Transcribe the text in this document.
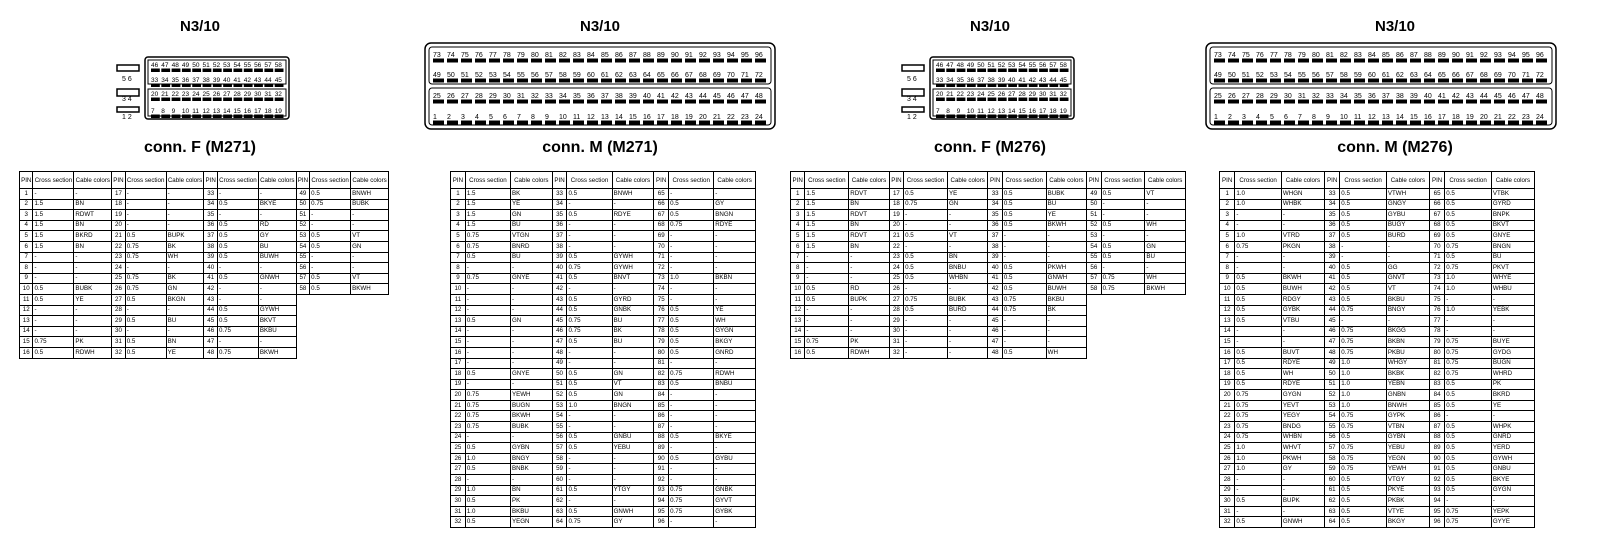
N3/10
5 6
3 4
1 2
46 47 48 49 50 51 52 53 54 55 56 57 58
33 34 35 36 37 38 39 40 41 42 43 44 45
20 21 22 23 24 25 26 27 28 29 30 31 32
7 8 9 10 11 12 13 14 15 16 17 18 19
conn. F (M271)
PIN	Cross section	Cable colors	PIN	Cross section	Cable colors	PIN	Cross section	Cable colors	PIN	Cross section	Cable colors
1	-	-	17	-	-	33	-	-	49	0.5	BNWH
2	1.5	BN	18	-	-	34	0.5	BKYE	50	0.75	BUBK
3	1.5	RDWT	19	-	-	35	-	-	51	-	-
4	1.5	BN	20	-	-	36	0.5	RD	52	-	-
5	1.5	BKRD	21	0.5	BUPK	37	0.5	GY	53	0.5	VT
6	1.5	BN	22	0.75	BK	38	0.5	BU	54	0.5	GN
7	-	-	23	0.75	WH	39	0.5	BUWH	55	-	-
8	-	-	24	-	-	40	-	-	56	-	-
9	-	-	25	0.75	BK	41	0.5	GNWH	57	0.5	VT
10	0.5	BUBK	26	0.75	GN	42	-	-	58	0.5	BKWH
11	0.5	YE	27	0.5	BKGN	43	-	-			
12	-	-	28	-	-	44	0.5	GYWH			
13	-	-	29	0.5	BU	45	0.5	BKVT			
14	-	-	30	-	-	46	0.75	BKBU			
15	0.75	PK	31	0.5	BN	47	-	-			
16	0.5	RDWH	32	0.5	YE	48	0.75	BKWH			
N3/10
73 74 75 76 77 78 79 80 81 82 83 84 85 86 87 88 89 90 91 92 93 94 95 96
49 50 51 52 53 54 55 56 57 58 59 60 61 62 63 64 65 66 67 68 69 70 71 72
25 26 27 28 29 30 31 32 33 34 35 36 37 38 39 40 41 42 43 44 45 46 47 48
1 2 3 4 5 6 7 8 9 10 11 12 13 14 15 16 17 18 19 20 21 22 23 24
conn. M (M271)
PIN	Cross section	Cable colors	PIN	Cross section	Cable colors	PIN	Cross section	Cable colors
1	1.5	BK	33	0.5	BNWH	65	-	-
2	1.5	YE	34	-	-	66	0.5	GY
3	1.5	GN	35	0.5	RDYE	67	0.5	BNGN
4	1.5	BU	36	-	-	68	0.75	RDYE
5	0.75	VTGN	37	-	-	69	-	-
6	0.75	BNRD	38	-	-	70	-	-
7	0.5	BU	39	0.5	GYWH	71	-	-
8	-	-	40	0.75	GYWH	72	-	-
9	0.75	GNYE	41	0.5	BNVT	73	1.0	BKBN
10	-	-	42	-	-	74	-	-
11	-	-	43	0.5	GYRD	75	-	-
12	-	-	44	0.5	GNBK	76	0.5	YE
13	0.5	GN	45	0.75	BU	77	0.5	WH
14	-	-	46	0.75	BK	78	0.5	GYGN
15	-	-	47	0.5	BU	79	0.5	BKGY
16	-	-	48	-	-	80	0.5	GNRD
17	-	-	49	-	-	81	-	-
18	0.5	GNYE	50	0.5	GN	82	0.75	RDWH
19	-	-	51	0.5	VT	83	0.5	BNBU
20	0.75	YEWH	52	0.5	GN	84	-	-
21	0.75	BUGN	53	1.0	BNGN	85	-	-
22	0.75	BKWH	54	-	-	86	-	-
23	0.75	BUBK	55	-	-	87	-	-
24	-	-	56	0.5	GNBU	88	0.5	BKYE
25	0.5	GYBN	57	0.5	YEBU	89	-	-
26	1.0	BNGY	58	-	-	90	0.5	GYBU
27	0.5	BNBK	59	-	-	91	-	-
28	-	-	60	-	-	92	-	-
29	1.0	BN	61	0.5	YTGY	93	0.75	GNBK
30	0.5	PK	62	-	-	94	0.75	GYVT
31	1.0	BKBU	63	0.5	GNWH	95	0.75	GYBK
32	0.5	YEGN	64	0.75	GY	96	-	-
N3/10
5 6
3 4
1 2
46 47 48 49 50 51 52 53 54 55 56 57 58
33 34 35 36 37 38 39 40 41 42 43 44 45
20 21 22 23 24 25 26 27 28 29 30 31 32
7 8 9 10 11 12 13 14 15 16 17 18 19
conn. F (M276)
PIN	Cross section	Cable colors	PIN	Cross section	Cable colors	PIN	Cross section	Cable colors	PIN	Cross section	Cable colors
1	1.5	RDVT	17	0.5	YE	33	0.5	BUBK	49	0.5	VT
2	1.5	BN	18	0.75	GN	34	0.5	BU	50	-	-
3	1.5	RDVT	19	-	-	35	0.5	YE	51	-	-
4	1.5	BN	20	-	-	36	0.5	BKWH	52	0.5	WH
5	1.5	RDVT	21	0.5	VT	37	-	-	53	-	-
6	1.5	BN	22	-	-	38	-	-	54	0.5	GN
7	-	-	23	0.5	BN	39	-	-	55	0.5	BU
8	-	-	24	0.5	BNBU	40	0.5	PKWH	56	-	-
9	-	-	25	0.5	WHBN	41	0.5	GNWH	57	0.75	WH
10	0.5	RD	26	-	-	42	0.5	BUWH	58	0.75	BKWH
11	0.5	BUPK	27	0.75	BUBK	43	0.75	BKBU			
12	-	-	28	0.5	BURD	44	0.75	BK			
13	-	-	29	-	-	45	-	-			
14	-	-	30	-	-	46	-	-			
15	0.75	PK	31	-	-	47	-	-			
16	0.5	RDWH	32	-	-	48	0.5	WH			
N3/10
73 74 75 76 77 78 79 80 81 82 83 84 85 86 87 88 89 90 91 92 93 94 95 96
49 50 51 52 53 54 55 56 57 58 59 60 61 62 63 64 65 66 67 68 69 70 71 72
25 26 27 28 29 30 31 32 33 34 35 36 37 38 39 40 41 42 43 44 45 46 47 48
1 2 3 4 5 6 7 8 9 10 11 12 13 14 15 16 17 18 19 20 21 22 23 24
conn. M (M276)
PIN	Cross section	Cable colors	PIN	Cross section	Cable colors	PIN	Cross section	Cable colors
1	1.0	WHGN	33	0.5	VTWH	65	0.5	VTBK
2	1.0	WHBK	34	0.5	GNGY	66	0.5	GYRD
3	-	-	35	0.5	GYBU	67	0.5	BNPK
4	-	-	36	0.5	BUGY	68	0.5	BKVT
5	1.0	VTRD	37	0.5	BURD	69	0.5	GNYE
6	0.75	PKGN	38	-	-	70	0.75	BNGN
7	-	-	39	-	-	71	0.5	BU
8	-	-	40	0.5	GG	72	0.75	PKVT
9	0.5	BKWH	41	0.5	GNVT	73	1.0	WHYE
10	0.5	BUWH	42	0.5	VT	74	1.0	WHBU
11	0.5	RDGY	43	0.5	BKBU	75	-	-
12	0.5	GYBK	44	0.75	BNGY	76	1.0	YEBK
13	0.5	VTBU	45	-	-	77	-	-
14	-	-	46	0.75	BKGG	78	-	-
15	-	-	47	0.75	BKBN	79	0.75	BUYE
16	0.5	BUVT	48	0.75	PKBU	80	0.75	GYDG
17	0.5	RDYE	49	1.0	WHGY	81	0.75	BUGN
18	0.5	WH	50	1.0	BKBK	82	0.75	WHRD
19	0.5	RDYE	51	1.0	YEBN	83	0.5	PK
20	0.75	GYGN	52	1.0	GNBN	84	0.5	BKRD
21	0.75	YEVT	53	1.0	BNWH	85	0.5	YE
22	0.75	YEGY	54	0.75	GYPK	86	-	-
23	0.75	BNDG	55	0.75	VTBN	87	0.5	WHPK
24	0.75	WHBN	56	0.5	GYBN	88	0.5	GNRD
25	1.0	WHVT	57	0.75	YEBU	89	0.5	YERD
26	1.0	PKWH	58	0.75	YEGN	90	0.5	GYWH
27	1.0	GY	59	0.75	YEWH	91	0.5	GNBU
28	-	-	60	0.5	VTGY	92	0.5	BKYE
29	-	-	61	0.5	PKYE	93	0.5	GYGN
30	0.5	BUPK	62	0.5	PKBK	94	-	-
31	-	-	63	0.5	VTYE	95	0.75	YEPK
32	0.5	GNWH	64	0.5	BKGY	96	0.75	GYYE
